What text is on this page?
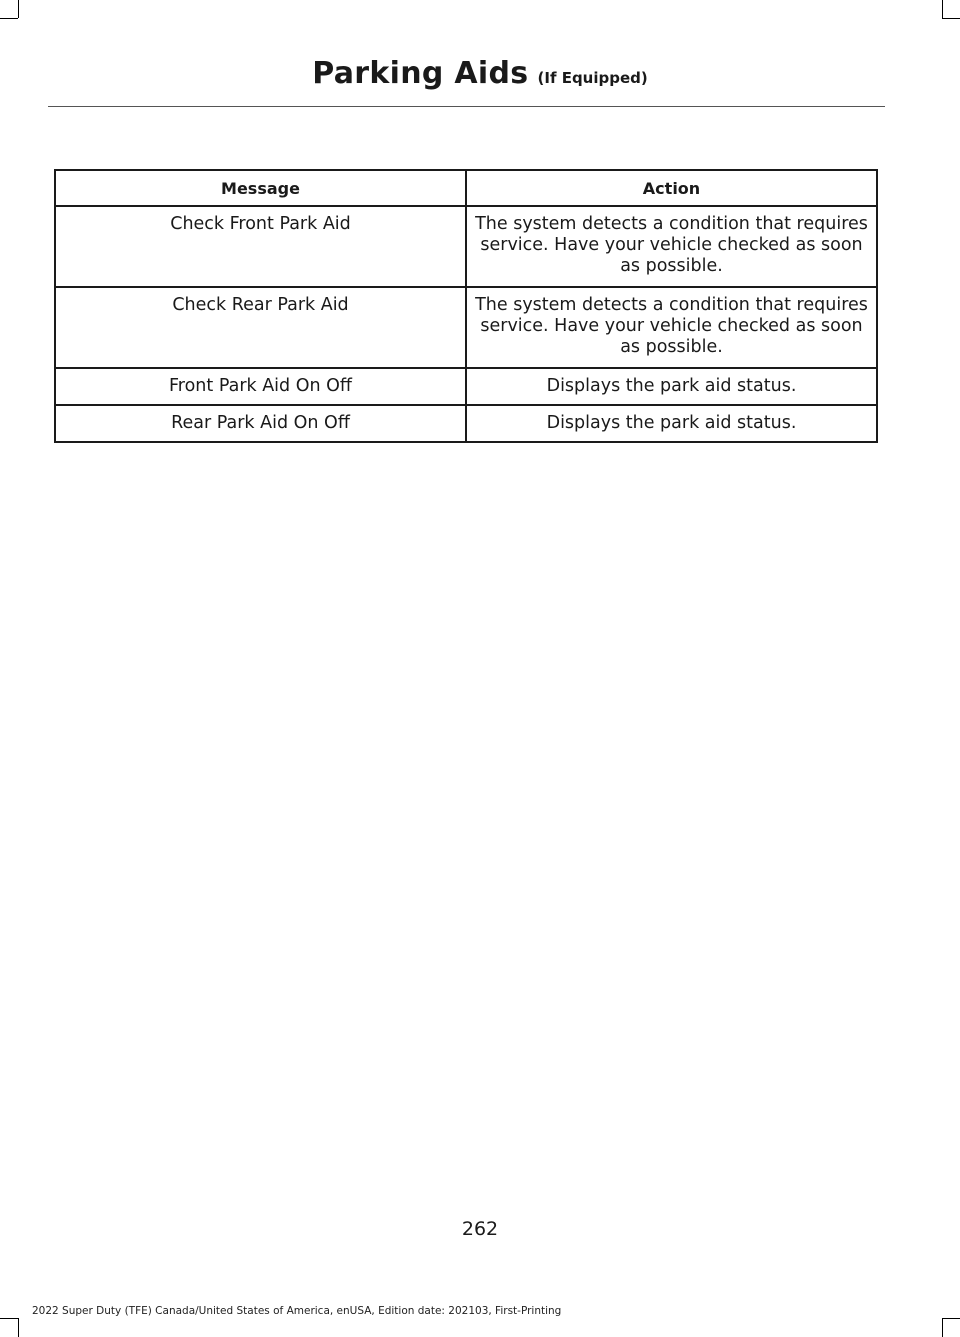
Parking Aids (If Equipped)
Message	Action
Check Front Park Aid	The system detects a condition that requires service. Have your vehicle checked as soon as possible.
Check Rear Park Aid	The system detects a condition that requires service. Have your vehicle checked as soon as possible.
Front Park Aid On Off	Displays the park aid status.
Rear Park Aid On Off	Displays the park aid status.
262
2022 Super Duty (TFE) Canada/United States of America, enUSA, Edition date: 202103, First-Printing
